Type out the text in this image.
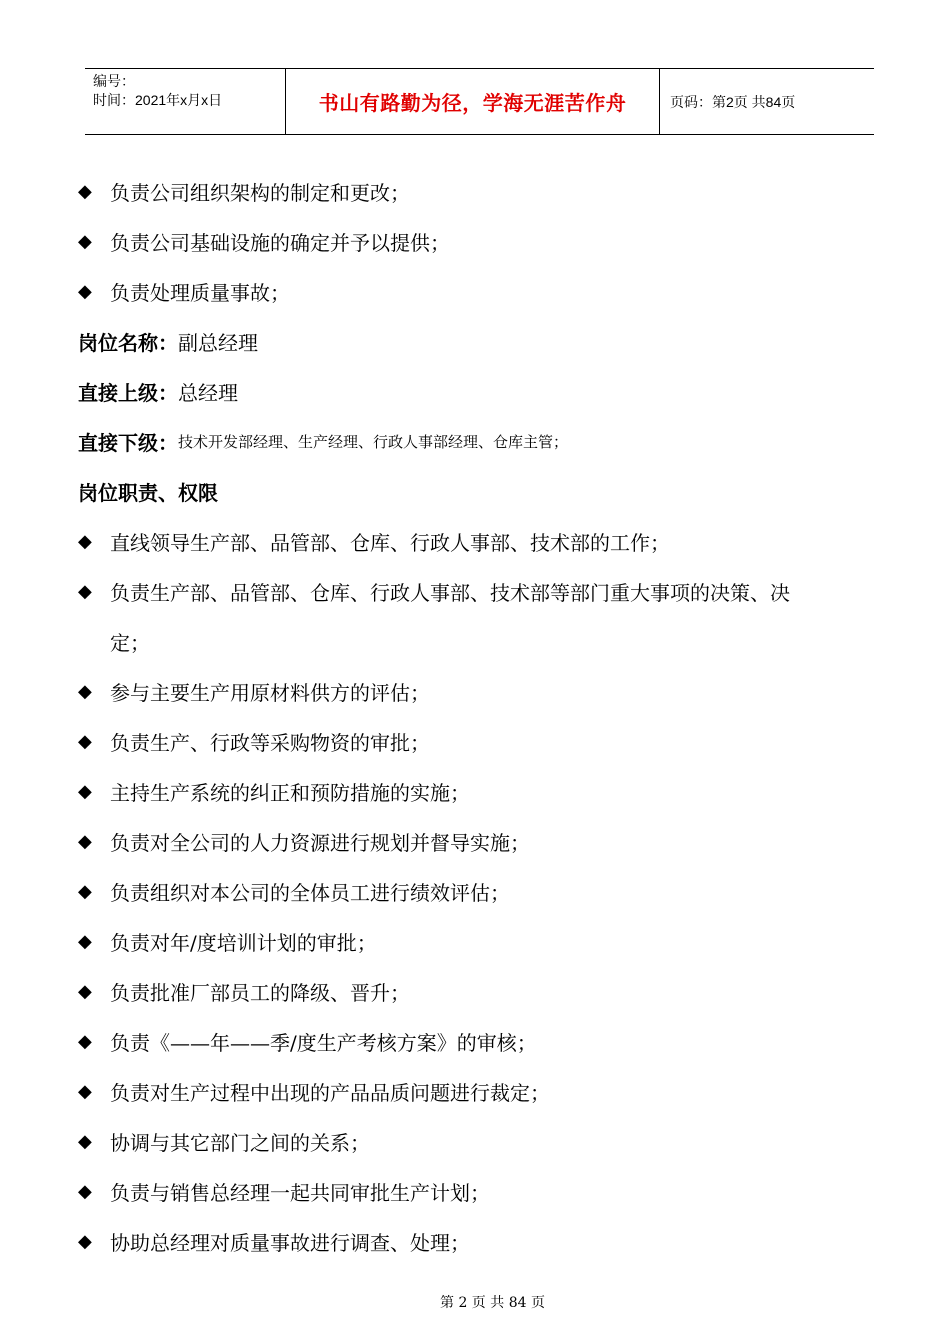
编号：
时间：2021年x月x日	书山有路勤为径，学海无涯苦作舟	页码：第2页 共84页
◆ 负责公司组织架构的制定和更改；
◆ 负责公司基础设施的确定并予以提供；
◆ 负责处理质量事故；
岗位名称： 副总经理
直接上级： 总经理
直接下级： 技术开发部经理、生产经理、行政人事部经理、仓库主管；
岗位职责、权限
◆ 直线领导生产部、品管部、仓库、行政人事部、技术部的工作；
◆ 负责生产部、品管部、仓库、行政人事部、技术部等部门重大事项的决策、决
定；
◆ 参与主要生产用原材料供方的评估；
◆ 负责生产、行政等采购物资的审批；
◆ 主持生产系统的纠正和预防措施的实施；
◆ 负责对全公司的人力资源进行规划并督导实施；
◆ 负责组织对本公司的全体员工进行绩效评估；
◆ 负责对年/度培训计划的审批；
◆ 负责批准厂部员工的降级、晋升；
◆ 负责《——年——季/度生产考核方案》的审核；
◆ 负责对生产过程中出现的产品品质问题进行裁定；
◆ 协调与其它部门之间的关系；
◆ 负责与销售总经理一起共同审批生产计划；
◆ 协助总经理对质量事故进行调查、处理；
第 2 页 共 84 页
